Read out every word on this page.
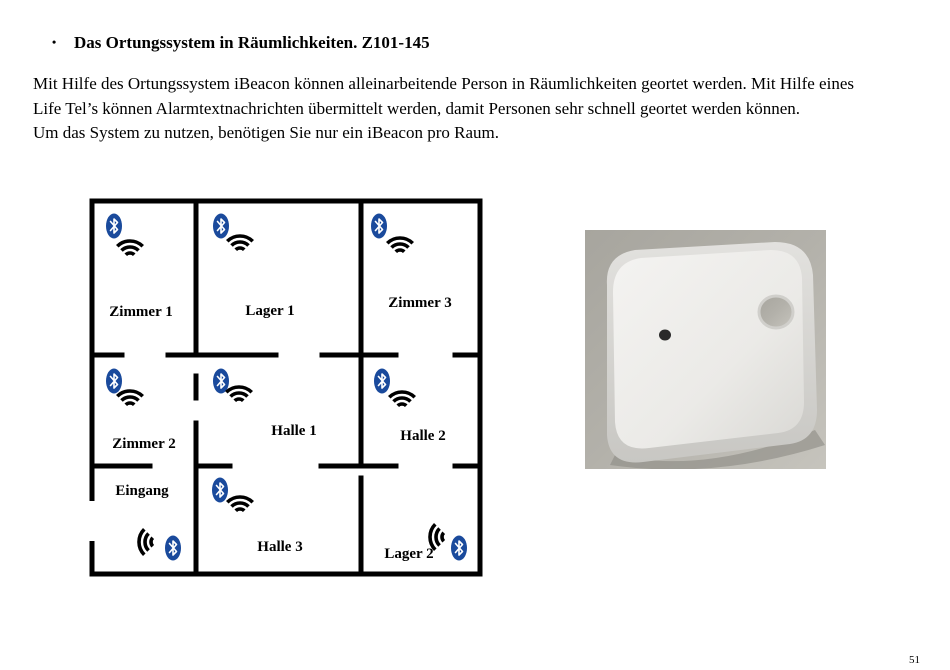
• Das Ortungssystem in Räumlichkeiten. Z101-145
Mit Hilfe des Ortungssystem iBeacon können alleinarbeitende Person in Räumlichkeiten geortet werden. Mit Hilfe eines
Life Tel’s können Alarmtextnachrichten übermittelt werden, damit Personen sehr schnell geortet werden können.
Um das System zu nutzen, benötigen Sie nur ein iBeacon pro Raum.
Zimmer 1	Lager 1	Zimmer 3
Zimmer 2
Halle 1	Halle 2
Eingang
Halle 3	Lager 2
51
